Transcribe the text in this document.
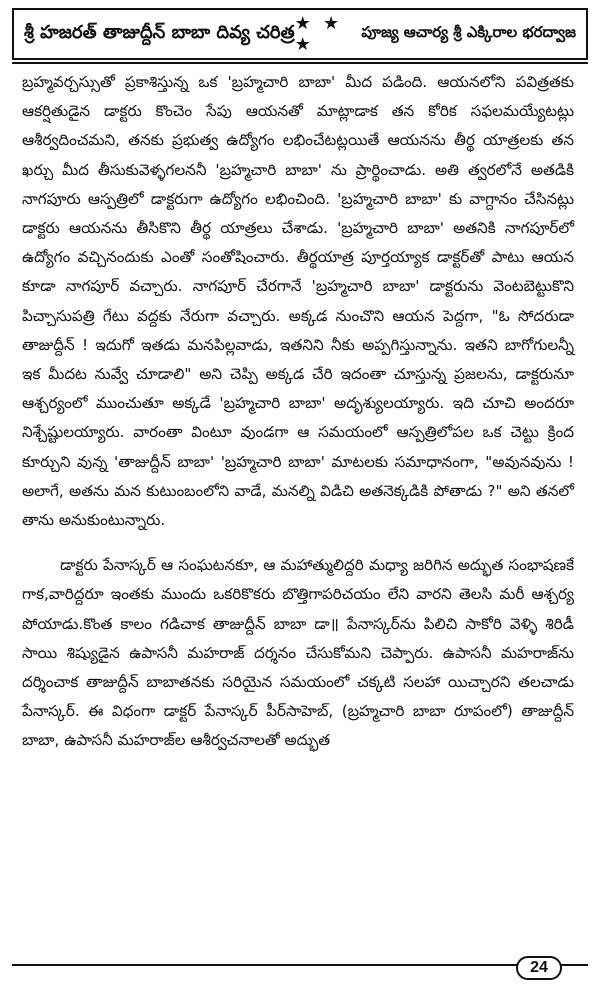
శ్రీ హజరత్ తాజుద్దీన్ బాబా దివ్య చరిత్ర ★ ★ ★
పూజ్య ఆచార్య శ్రీ ఎక్కిరాల భరద్వాజ

బ్రహ్మవర్చస్సుతో ప్రకాశిస్తున్న ఒక 'బ్రహ్మచారి బాబా' మీద పడింది. ఆయనలోని పవిత్రతకు ఆకర్షితుడైన డాక్టరు కొంచెం సేపు ఆయనతో మాట్లాడాక తన కోరిక సఫలమయ్యేటట్లు ఆశీర్వదించమని, తనకు ప్రభుత్వ ఉద్యోగం లభించేటట్లయితే ఆయనను తీర్థ యాత్రలకు తన ఖర్చు మీద తీసుకువెళ్ళగలననీ 'బ్రహ్మచారి బాబా' ను ప్రార్థించాడు. అతి త్వరలోనే అతడికి నాగపూరు ఆస్పత్రిలో డాక్టరుగా ఉద్యోగం లభించింది. 'బ్రహ్మచారి బాబా' కు వాగ్దానం చేసినట్లు డాక్టరు ఆయనను తీసికొని తీర్థ యాత్రలు చేశాడు. 'బ్రహ్మచారి బాబా' అతనికి నాగపూర్‌లో ఉద్యోగం వచ్చినందుకు ఎంతో సంతోషించారు. తీర్థయాత్ర పూర్తయ్యాక డాక్టర్‌తో పాటు ఆయన కూడా నాగపూర్ వచ్చారు. నాగపూర్ చేరగానే 'బ్రహ్మచారి బాబా' డాక్టరును వెంటబెట్టుకొని పిచ్చాసుపత్రి గేటు వద్దకు నేరుగా వచ్చారు. అక్కడ నుంచొని ఆయన పెద్దగా, "ఓ సోదరుడా తాజుద్దీన్ ! ఇదుగో ఇతడు మనపిల్లవాడు, ఇతనిని నీకు అప్పగిస్తున్నాను. ఇతని బాగోగులన్నీ ఇక మీదట నువ్వే చూడాలి" అని చెప్పి అక్కడ చేరి ఇదంతా చూస్తున్న ప్రజలను, డాక్టరునూ ఆశ్చర్యంలో ముంచుతూ అక్కడే 'బ్రహ్మచారి బాబా' అదృశ్యులయ్యారు. ఇది చూచి అందరూ నిశ్చేష్టులయ్యారు. వారంతా వింటూ వుండగా ఆ సమయంలో ఆస్పత్రిలోపల ఒక చెట్టు క్రింద కూర్చుని వున్న 'తాజుద్దీన్ బాబా' 'బ్రహ్మచారి బాబా' మాటలకు సమాధానంగా, "అవునవును ! అలాగే, అతను మన కుటుంబంలోని వాడే, మనల్ని విడిచి అతనెక్కడికి పోతాడు ?" అని తనలో తాను అనుకుంటున్నారు.

డాక్టరు పేనాస్కర్ ఆ సంఘటనకూ, ఆ మహాత్ములిద్దరి మధ్యా జరిగిన అద్భుత సంభాషణకే గాక,వారిద్దరూ ఇంతకు ముందు ఒకరికొకరు బొత్తిగాపరిచయం లేని వారని తెలసి మరీ ఆశ్చర్య పోయాడు.కొంత కాలం గడిచాక తాజుద్దీన్ బాబా డా॥ పేనాస్కర్‌ను పిలిచి సాకోరి వెళ్ళి శిరిడీ సాయి శిష్యుడైన ఉపాసనీ మహరాజ్ దర్శనం చేసుకోమని చెప్పారు. ఉపాసనీ మహరాజ్‌ను దర్శించాక తాజుద్దీన్ బాబాతనకు సరియైన సమయంలో చక్కటి సలహా యిచ్చారని తలచాడు పేనాస్కర్. ఈ విధంగా డాక్టర్ పేనాస్కర్ పీర్‌సాహెబ్, (బ్రహ్మచారి బాబా రూపంలో) తాజుద్దీన్ బాబా, ఉపాసనీ మహరాజ్‌ల ఆశీర్వచనాలతో అద్భుత

24
